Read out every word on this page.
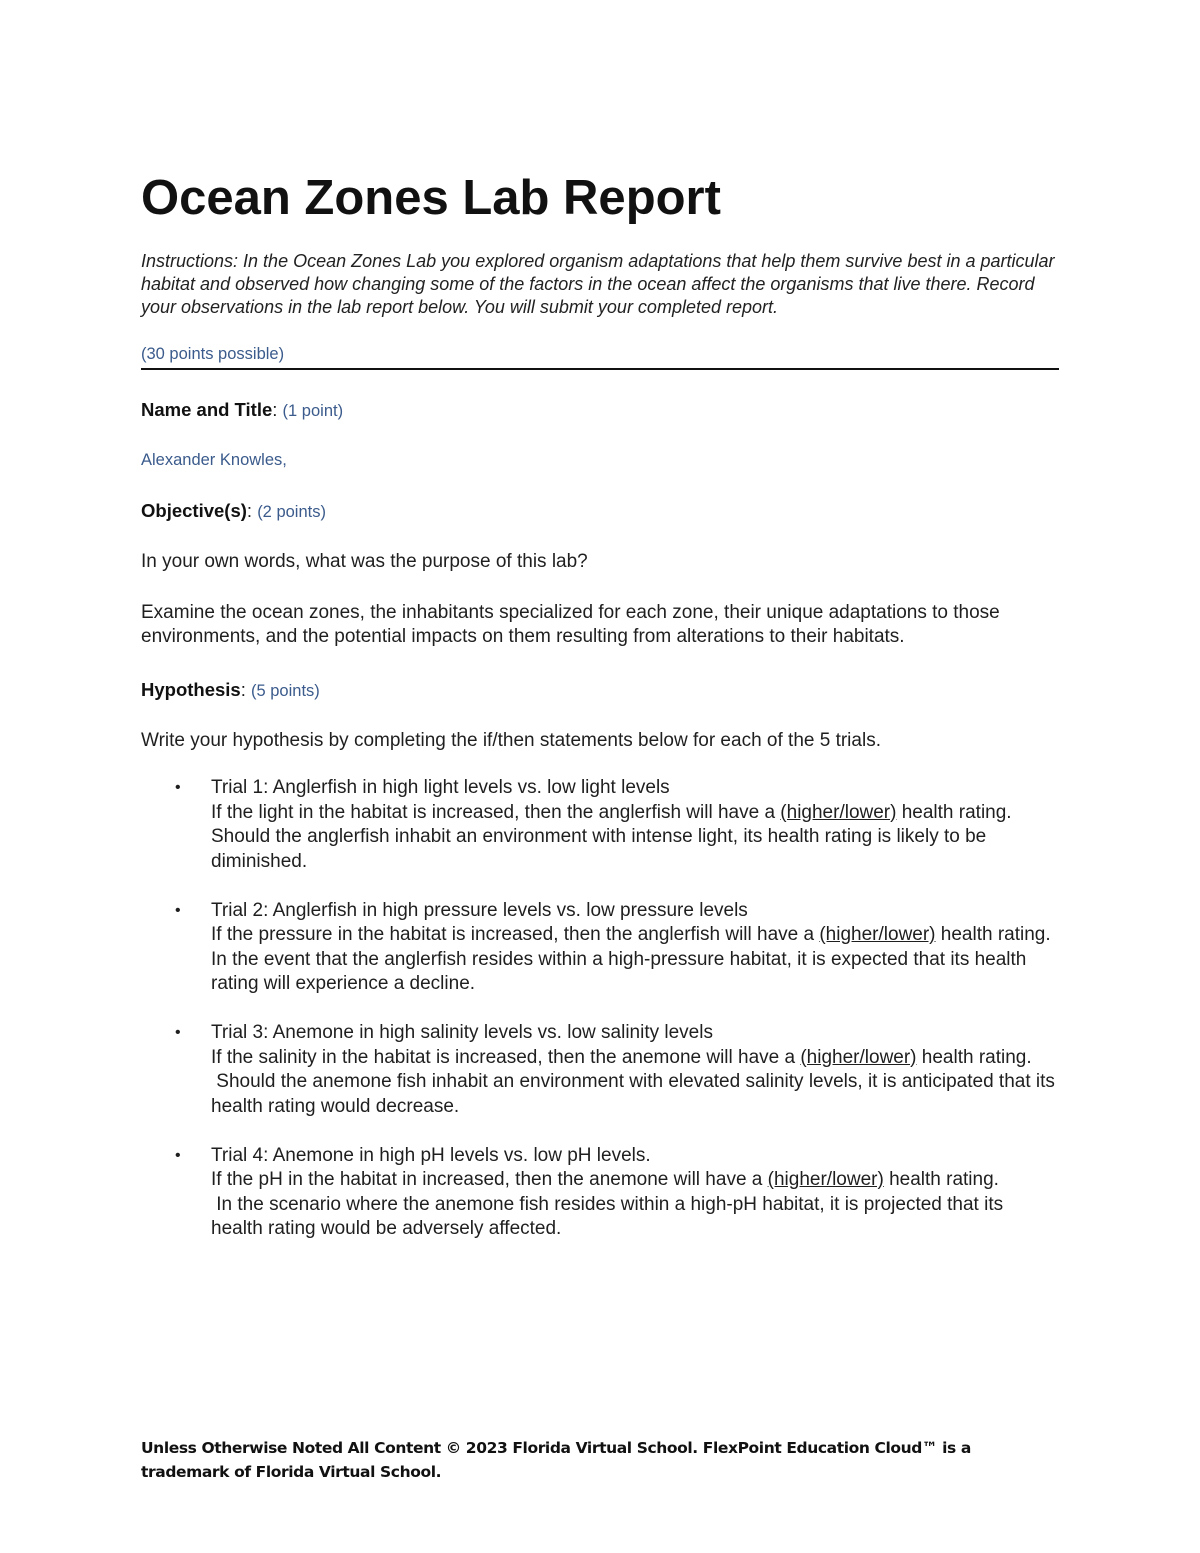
Ocean Zones Lab Report
Instructions: In the Ocean Zones Lab you explored organism adaptations that help them survive best in a particular habitat and observed how changing some of the factors in the ocean affect the organisms that live there. Record your observations in the lab report below. You will submit your completed report.
(30 points possible)
Name and Title: (1 point)
Alexander Knowles,
Objective(s): (2 points)
In your own words, what was the purpose of this lab?
Examine the ocean zones, the inhabitants specialized for each zone, their unique adaptations to those environments, and the potential impacts on them resulting from alterations to their habitats.
Hypothesis: (5 points)
Write your hypothesis by completing the if/then statements below for each of the 5 trials.
• Trial 1: Anglerfish in high light levels vs. low light levels
If the light in the habitat is increased, then the anglerfish will have a (higher/lower) health rating.
Should the anglerfish inhabit an environment with intense light, its health rating is likely to be diminished.
• Trial 2: Anglerfish in high pressure levels vs. low pressure levels
If the pressure in the habitat is increased, then the anglerfish will have a (higher/lower) health rating.
In the event that the anglerfish resides within a high-pressure habitat, it is expected that its health rating will experience a decline.
• Trial 3: Anemone in high salinity levels vs. low salinity levels
If the salinity in the habitat is increased, then the anemone will have a (higher/lower) health rating.
Should the anemone fish inhabit an environment with elevated salinity levels, it is anticipated that its health rating would decrease.
• Trial 4: Anemone in high pH levels vs. low pH levels.
If the pH in the habitat in increased, then the anemone will have a (higher/lower) health rating.
In the scenario where the anemone fish resides within a high-pH habitat, it is projected that its health rating would be adversely affected.
Unless Otherwise Noted All Content © 2023 Florida Virtual School. FlexPoint Education Cloud™ is a trademark of Florida Virtual School.
